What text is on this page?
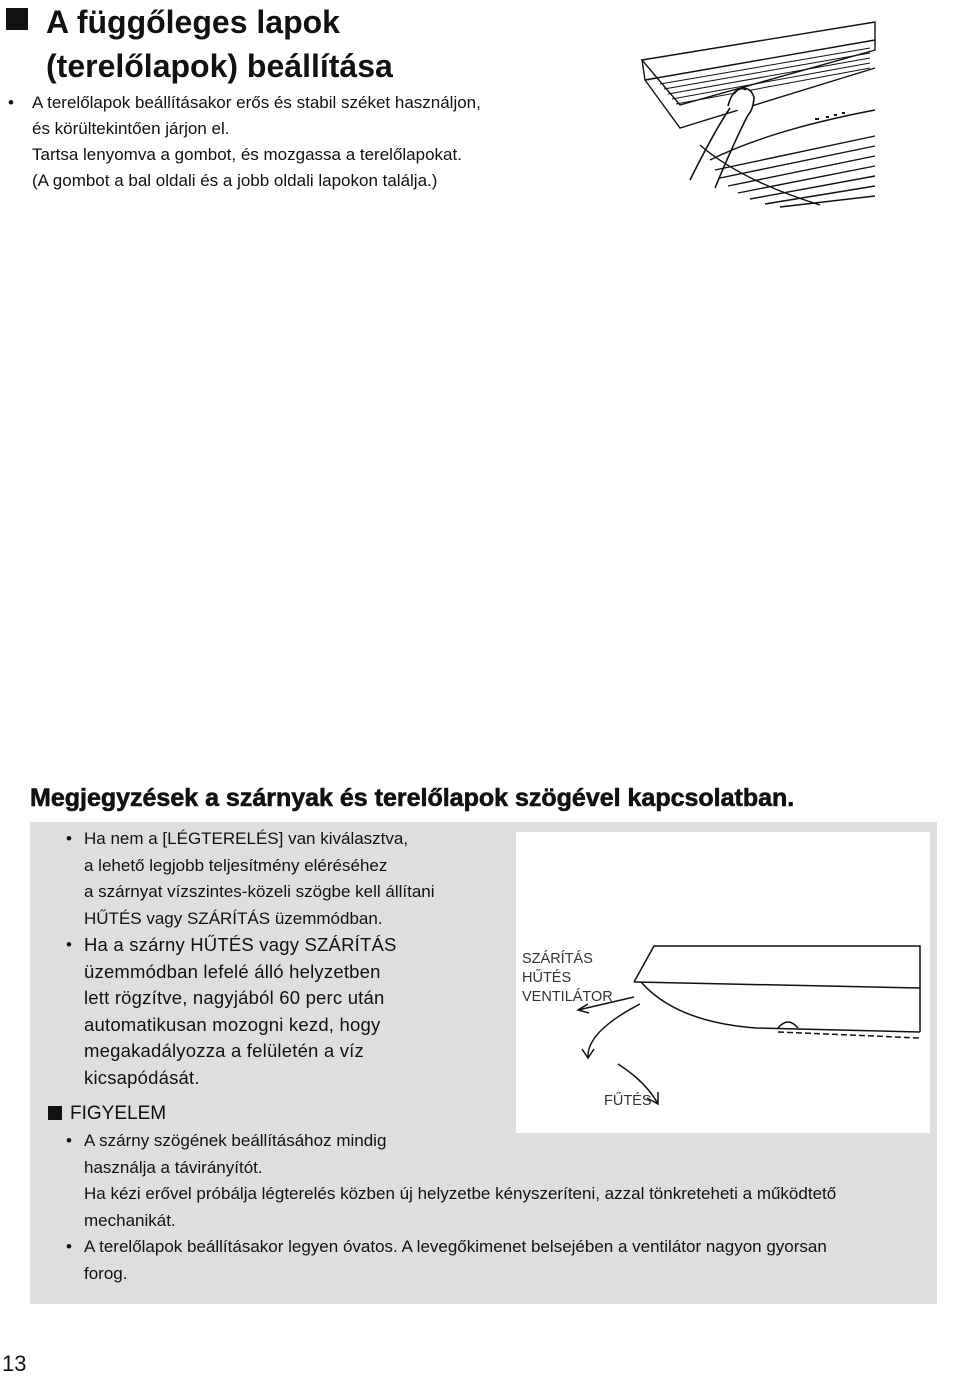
A függőleges lapok
(terelőlapok) beállítása
• A terelőlapok beállításakor erős és stabil széket használjon,
és körültekintően járjon el.
Tartsa lenyomva a gombot, és mozgassa a terelőlapokat.
(A gombot a bal oldali és a jobb oldali lapokon találja.)
Megjegyzések a szárnyak és terelőlapok szögével kapcsolatban.
SZÁRÍTÁS
HŰTÉS
VENTILÁTOR
FŰTÉS
• Ha nem a [LÉGTERELÉS] van kiválasztva,
a lehető legjobb teljesítmény eléréséhez
a szárnyat vízszintes-közeli szögbe kell állítani
HŰTÉS vagy SZÁRÍTÁS üzemmódban.
• Ha a szárny HŰTÉS vagy SZÁRÍTÁS
üzemmódban lefelé álló helyzetben
lett rögzítve, nagyjából 60 perc után
automatikusan mozogni kezd, hogy
megakadályozza a felületén a víz
kicsapódását.
FIGYELEM
• A szárny szögének beállításához mindig
használja a távirányítót.
Ha kézi erővel próbálja légterelés közben új helyzetbe kényszeríteni, azzal tönkreteheti a működtető
mechanikát.
• A terelőlapok beállításakor legyen óvatos. A levegőkimenet belsejében a ventilátor nagyon gyorsan
forog.
13
